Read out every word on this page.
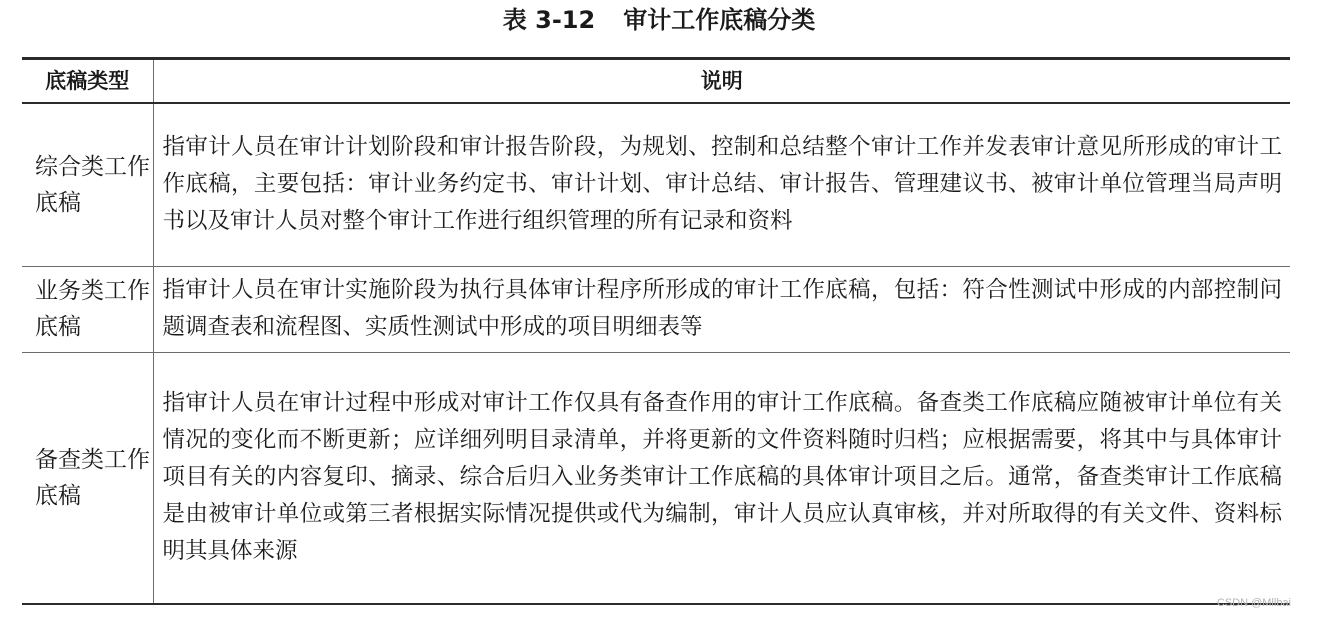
表 3-12 审计工作底稿分类
底稿类型	说明
综合类工作底稿	指审计人员在审计计划阶段和审计报告阶段，为规划、控制和总结整个审计工作并发表审计意见所形成的审计工作底稿，主要包括：审计业务约定书、审计计划、审计总结、审计报告、管理建议书、被审计单位管理当局声明书以及审计人员对整个审计工作进行组织管理的所有记录和资料
业务类工作底稿	指审计人员在审计实施阶段为执行具体审计程序所形成的审计工作底稿，包括：符合性测试中形成的内部控制问题调查表和流程图、实质性测试中形成的项目明细表等
备查类工作底稿	指审计人员在审计过程中形成对审计工作仅具有备查作用的审计工作底稿。备查类工作底稿应随被审计单位有关情况的变化而不断更新；应详细列明目录清单，并将更新的文件资料随时归档；应根据需要，将其中与具体审计项目有关的内容复印、摘录、综合后归入业务类审计工作底稿的具体审计项目之后。通常，备查类审计工作底稿是由被审计单位或第三者根据实际情况提供或代为编制，审计人员应认真审核，并对所取得的有关文件、资料标明其具体来源
CSDN @Mllbai
